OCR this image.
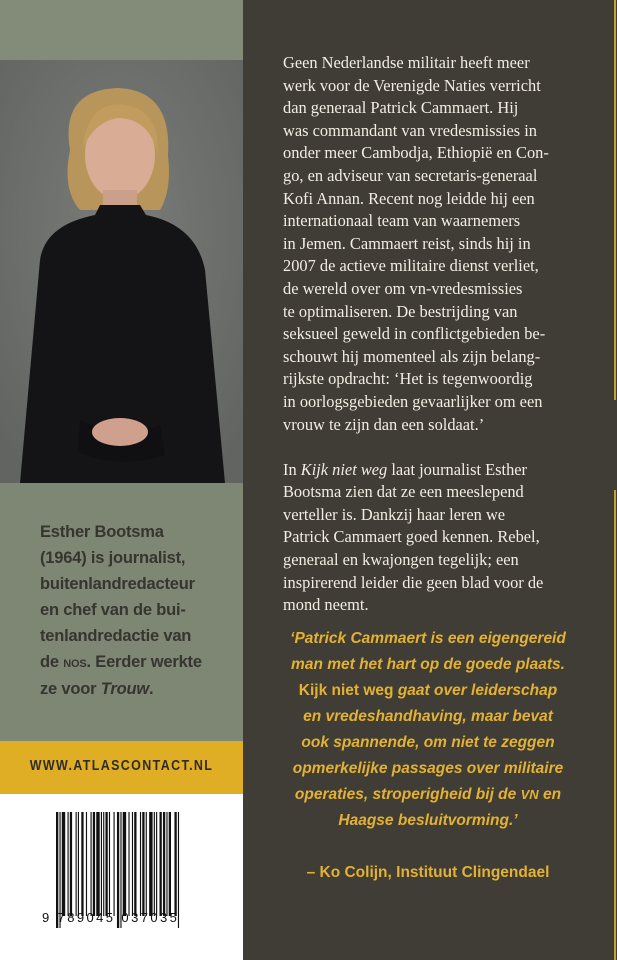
Esther Bootsma
(1964) is journalist,
buitenlandredacteur
en chef van de bui-
tenlandredactie van
de nos. Eerder werkte
ze voor Trouw.
WWW.ATLASCONTACT.NL
9 789045 037035
Geen Nederlandse militair heeft meer
werk voor de Verenigde Naties verricht
dan generaal Patrick Cammaert. Hij
was commandant van vredesmissies in
onder meer Cambodja, Ethiopië en Con-
go, en adviseur van secretaris-generaal
Kofi Annan. Recent nog leidde hij een
internationaal team van waarnemers
in Jemen. Cammaert reist, sinds hij in
2007 de actieve militaire dienst verliet,
de wereld over om vn-vredesmissies
te optimaliseren. De bestrijding van
seksueel geweld in conflictgebieden be-
schouwt hij momenteel als zijn belang-
rijkste opdracht: ‘Het is tegenwoordig
in oorlogsgebieden gevaarlijker om een
vrouw te zijn dan een soldaat.’
In Kijk niet weg laat journalist Esther
Bootsma zien dat ze een meeslepend
verteller is. Dankzij haar leren we
Patrick Cammaert goed kennen. Rebel,
generaal en kwajongen tegelijk; een
inspirerend leider die geen blad voor de
mond neemt.
‘Patrick Cammaert is een eigengereid
man met het hart op de goede plaats.
Kijk niet weg gaat over leiderschap
en vredeshandhaving, maar bevat
ook spannende, om niet te zeggen
opmerkelijke passages over militaire
operaties, stroperigheid bij de VN en
Haagse besluitvorming.’
– Ko Colijn, Instituut Clingendael
